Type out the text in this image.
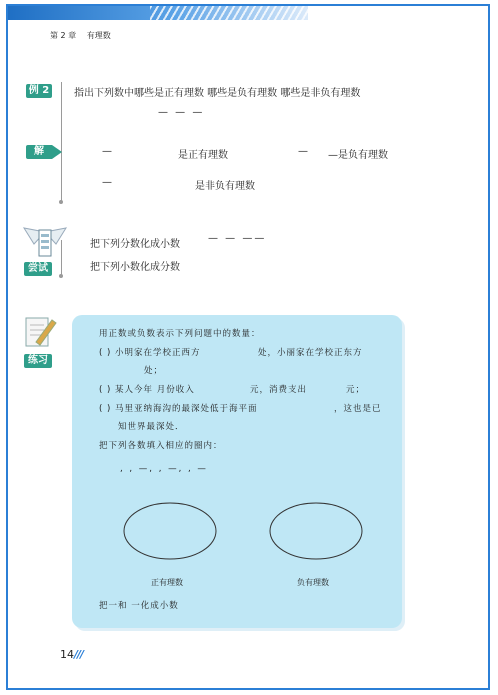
第 2 章 有理数
例 2 指出下列数中哪些是正有理数 哪些是负有理数 哪些是非负有理数
— — —
解	—	是正有理数	— —是负有理数
—	是非负有理数
尝试
把下列分数化成小数
— — ——
把下列小数化成分数
练习
用正数或负数表示下列问题中的数量：
( ) 小明家在学校正西方	处，小丽家在学校正东方
处；
( ) 某人今年 月份收入	元，消费支出	元；
( ) 马里亚纳海沟的最深处低于海平面	，这也是已
知世界最深处．
把下列各数填入相应的圈内：
, , —, , —, , —
正有理数	负有理数
把一和 一化成小数
14///
